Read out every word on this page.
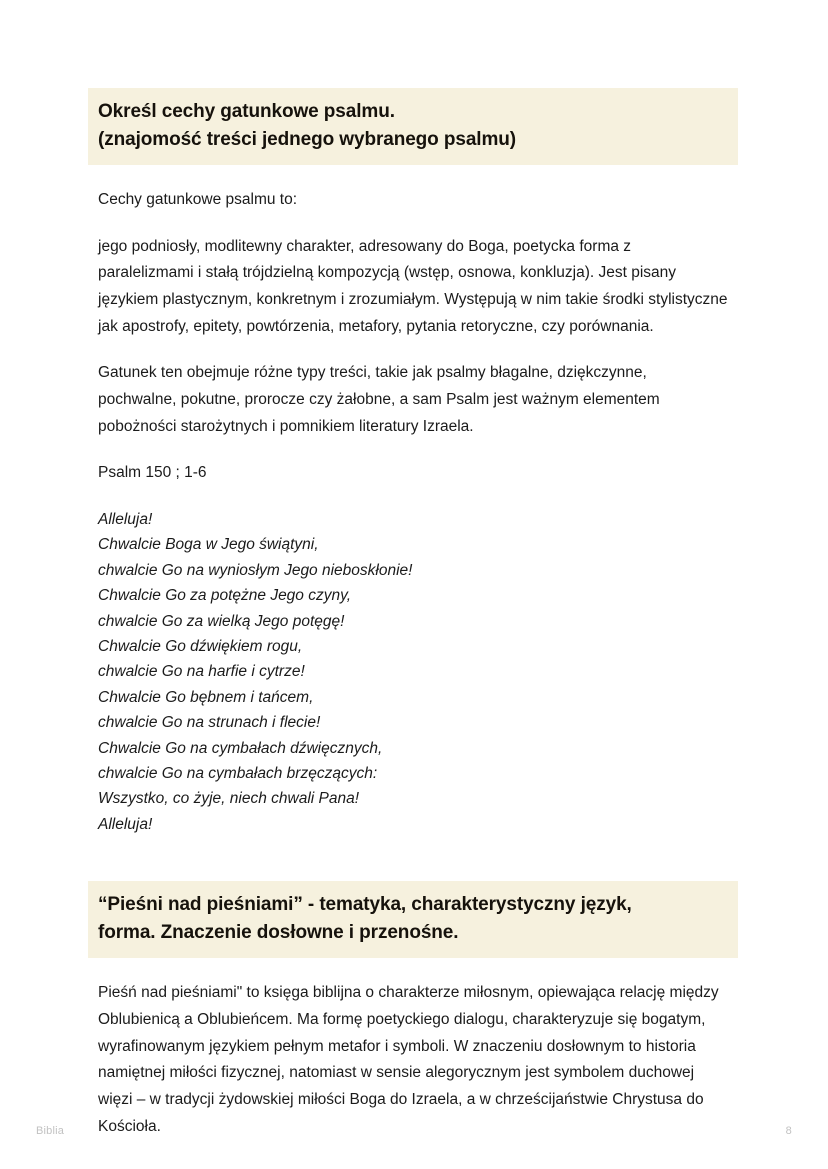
Określ cechy gatunkowe psalmu.
(znajomość treści jednego wybranego psalmu)

Cechy gatunkowe psalmu to:

jego podniosły, modlitewny charakter, adresowany do Boga, poetycka forma z paralelizmami i stałą trójdzielną kompozycją (wstęp, osnowa, konkluzja). Jest pisany językiem plastycznym, konkretnym i zrozumiałym. Występują w nim takie środki stylistyczne jak apostrofy, epitety, powtórzenia, metafory, pytania retoryczne, czy porównania.

Gatunek ten obejmuje różne typy treści, takie jak psalmy błagalne, dziękczynne, pochwalne, pokutne, prorocze czy żałobne, a sam Psalm jest ważnym elementem pobożności starożytnych i pomnikiem literatury Izraela.

Psalm 150 ; 1-6

Alleluja!
Chwalcie Boga w Jego świątyni,
chwalcie Go na wyniosłym Jego nieboskłonie!
Chwalcie Go za potężne Jego czyny,
chwalcie Go za wielką Jego potęgę!
Chwalcie Go dźwiękiem rogu,
chwalcie Go na harfie i cytrze!
Chwalcie Go bębnem i tańcem,
chwalcie Go na strunach i flecie!
Chwalcie Go na cymbałach dźwięcznych,
chwalcie Go na cymbałach brzęczących:
Wszystko, co żyje, niech chwali Pana!
Alleluja!
“Pieśni nad pieśniami” - tematyka, charakterystyczny język,
forma. Znaczenie dosłowne i przenośne.

Pieśń nad pieśniami" to księga biblijna o charakterze miłosnym, opiewająca relację między Oblubienicą a Oblubieńcem. Ma formę poetyckiego dialogu, charakteryzuje się bogatym, wyrafinowanym językiem pełnym metafor i symboli. W znaczeniu dosłownym to historia namiętnej miłości fizycznej, natomiast w sensie alegorycznym jest symbolem duchowej więzi – w tradycji żydowskiej miłości Boga do Izraela, a w chrześcijaństwie Chrystusa do Kościoła.

Biblia	8
